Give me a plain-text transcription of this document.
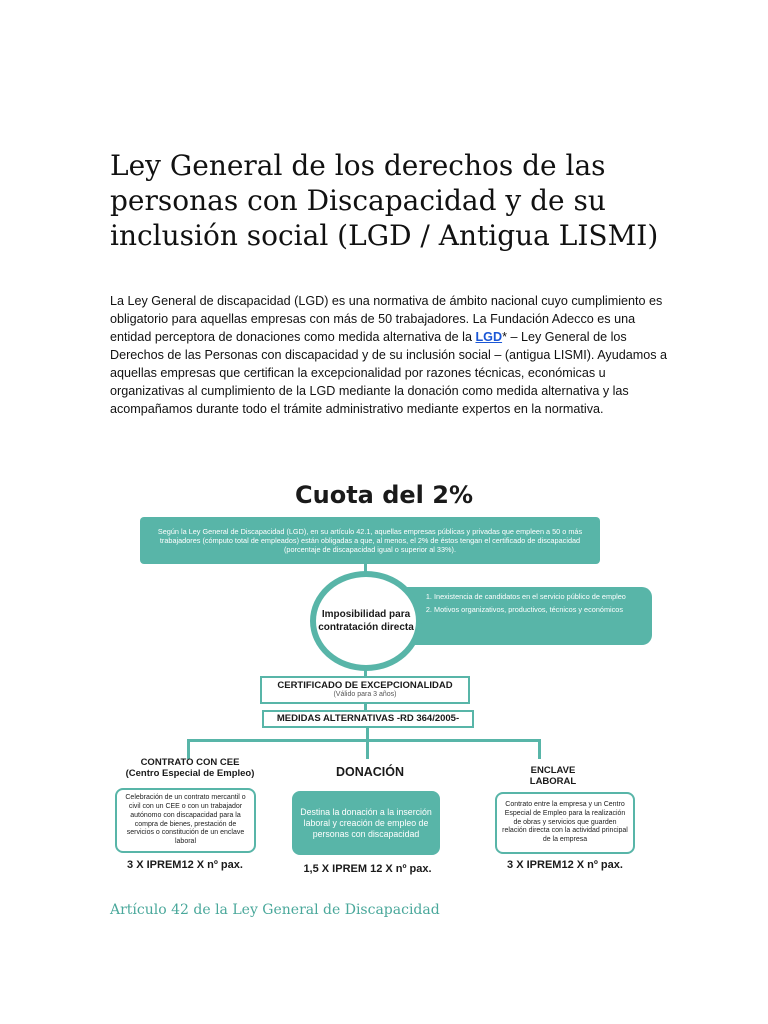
Ley General de los derechos de las personas con Discapacidad y de su inclusión social (LGD / Antigua LISMI)

La Ley General de discapacidad (LGD) es una normativa de ámbito nacional cuyo cumplimiento es obligatorio para aquellas empresas con más de 50 trabajadores. La Fundación Adecco es una entidad perceptora de donaciones como medida alternativa de la LGD* – Ley General de los Derechos de las Personas con discapacidad y de su inclusión social – (antigua LISMI). Ayudamos a aquellas empresas que certifican la excepcionalidad por razones técnicas, económicas u organizativas al cumplimiento de la LGD mediante la donación como medida alternativa y las acompañamos durante todo el trámite administrativo mediante expertos en la normativa.

Cuota del 2%
Según la Ley General de Discapacidad (LGD), en su artículo 42.1, aquellas empresas públicas y privadas que empleen a 50 o más trabajadores (cómputo total de empleados) están obligadas a que, al menos, el 2% de éstos tengan el certificado de discapacidad (porcentaje de discapacidad igual o superior al 33%).
1. Inexistencia de candidatos en el servicio público de empleo
2. Motivos organizativos, productivos, técnicos y económicos
Imposibilidad para contratación directa
CERTIFICADO DE EXCEPCIONALIDAD
(Válido para 3 años)
MEDIDAS ALTERNATIVAS -RD 364/2005-
CONTRATO CON CEE
(Centro Especial de Empleo)
Celebración de un contrato mercantil o civil con un CEE o con un trabajador autónomo con discapacidad para la compra de bienes, prestación de servicios o constitución de un enclave laboral
3 X IPREM12 X nº pax.
DONACIÓN
Destina la donación a la inserción laboral y creación de empleo de personas con discapacidad
1,5 X IPREM 12 X nº pax.
ENCLAVE
LABORAL
Contrato entre la empresa y un Centro Especial de Empleo para la realización de obras y servicios que guarden relación directa con la actividad principal de la empresa
3 X IPREM12 X nº pax.

Artículo 42 de la Ley General de Discapacidad
